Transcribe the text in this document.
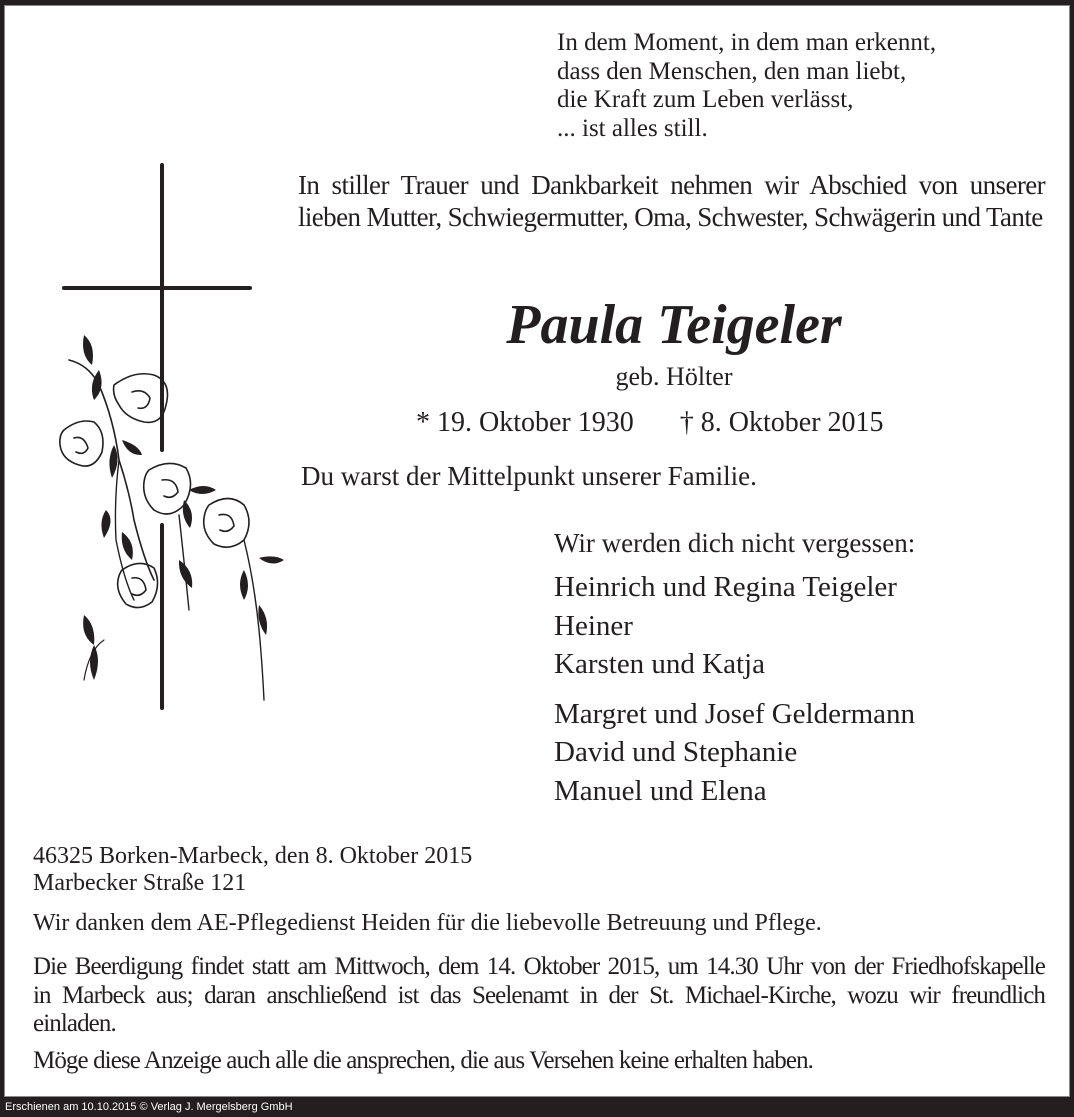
In dem Moment, in dem man erkennt,
dass den Menschen, den man liebt,
die Kraft zum Leben verlässt,
... ist alles still.
In stiller Trauer und Dankbarkeit nehmen wir Abschied von unserer lieben Mutter, Schwiegermutter, Oma, Schwester, Schwägerin und Tante
Paula Teigeler
geb. Hölter
* 19. Oktober 1930 † 8. Oktober 2015
Du warst der Mittelpunkt unserer Familie.
Wir werden dich nicht vergessen:
Heinrich und Regina Teigeler
Heiner
Karsten und Katja
Margret und Josef Geldermann
David und Stephanie
Manuel und Elena
46325 Borken-Marbeck, den 8. Oktober 2015
Marbecker Straße 121
Wir danken dem AE-Pflegedienst Heiden für die liebevolle Betreuung und Pflege.
Die Beerdigung findet statt am Mittwoch, dem 14. Oktober 2015, um 14.30 Uhr von der Friedhofskapelle in Marbeck aus; daran anschließend ist das Seelenamt in der St. Michael-Kirche, wozu wir freundlich einladen.
Möge diese Anzeige auch alle die ansprechen, die aus Versehen keine erhalten haben.
Erschienen am 10.10.2015 © Verlag J. Mergelsberg GmbH
